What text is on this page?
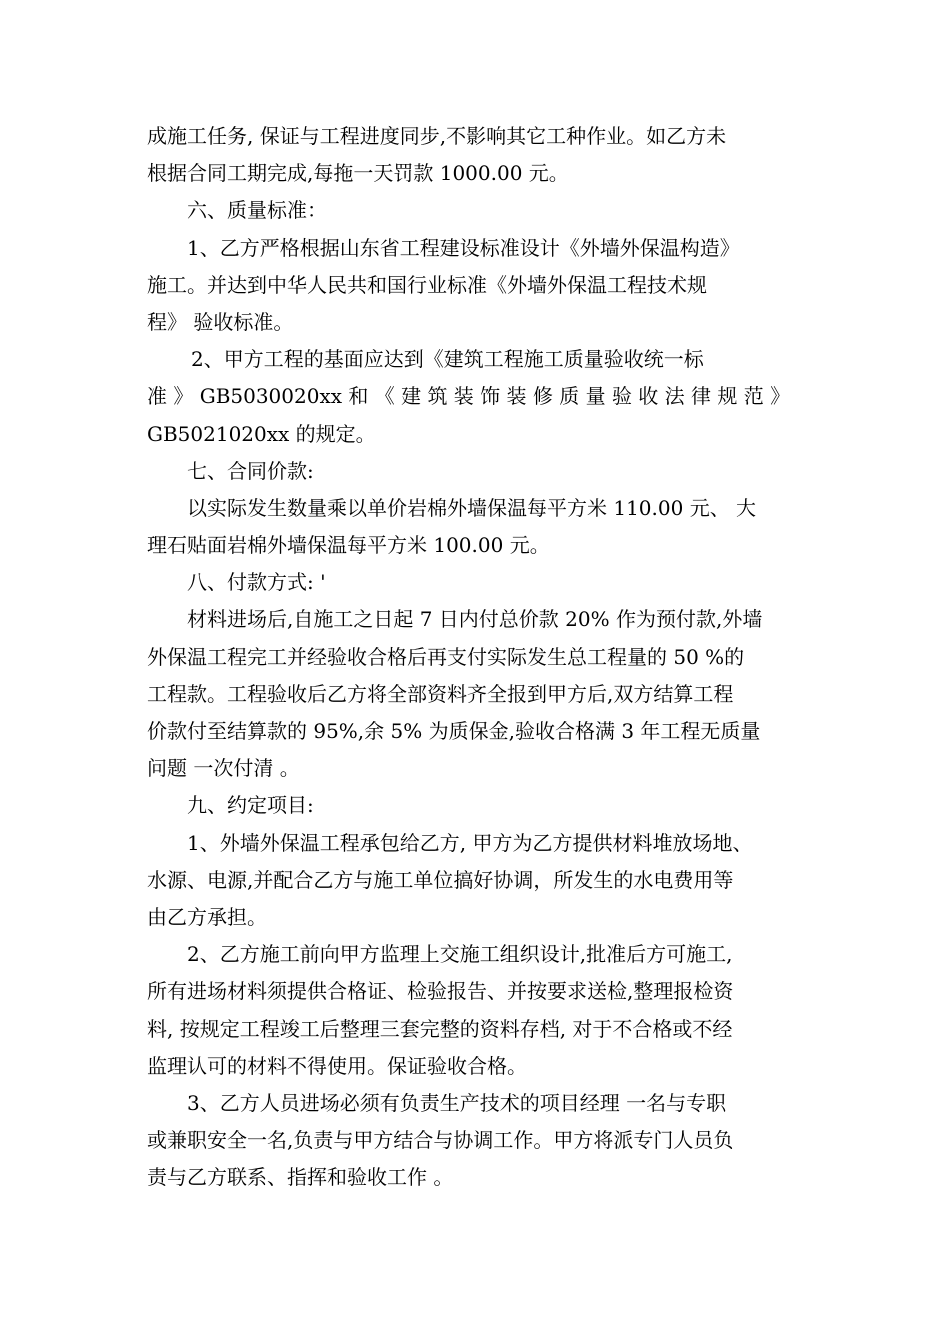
成施工任务, 保证与工程进度同步,不影响其它工种作业。如乙方未
根据合同工期完成,每拖一天罚款 1000.00 元。
六、质量标准：
1、乙方严格根据山东省工程建设标准设计《外墙外保温构造》
施工。并达到中华人民共和国行业标准《外墙外保温工程技术规
程》 验收标准。
2、甲方工程的基面应达到《建筑工程施工质量验收统一标
准 》 GB5030020xx 和 《 建 筑 装 饰 装 修 质 量 验 收 法 律 规 范 》
GB5021020xx 的规定。
七、合同价款:
以实际发生数量乘以单价岩棉外墙保温每平方米 110.00 元、 大
理石贴面岩棉外墙保温每平方米 100.00 元。
八、付款方式: '
材料进场后,自施工之日起 7 日内付总价款 20% 作为预付款,外墙
外保温工程完工并经验收合格后再支付实际发生总工程量的 50 %的
工程款。工程验收后乙方将全部资料齐全报到甲方后,双方结算工程
价款付至结算款的 95%,余 5% 为质保金,验收合格满 3 年工程无质量
问题 一次付清 。
九、约定项目:
1、外墙外保温工程承包给乙方, 甲方为乙方提供材料堆放场地、
水源、电源,并配合乙方与施工单位搞好协调，所发生的水电费用等
由乙方承担。
2、乙方施工前向甲方监理上交施工组织设计,批准后方可施工,
所有进场材料须提供合格证、检验报告、并按要求送检,整理报检资
料, 按规定工程竣工后整理三套完整的资料存档, 对于不合格或不经
监理认可的材料不得使用。保证验收合格。
3、乙方人员进场必须有负责生产技术的项目经理 一名与专职
或兼职安全一名,负责与甲方结合与协调工作。甲方将派专门人员负
责与乙方联系、指挥和验收工作 。
